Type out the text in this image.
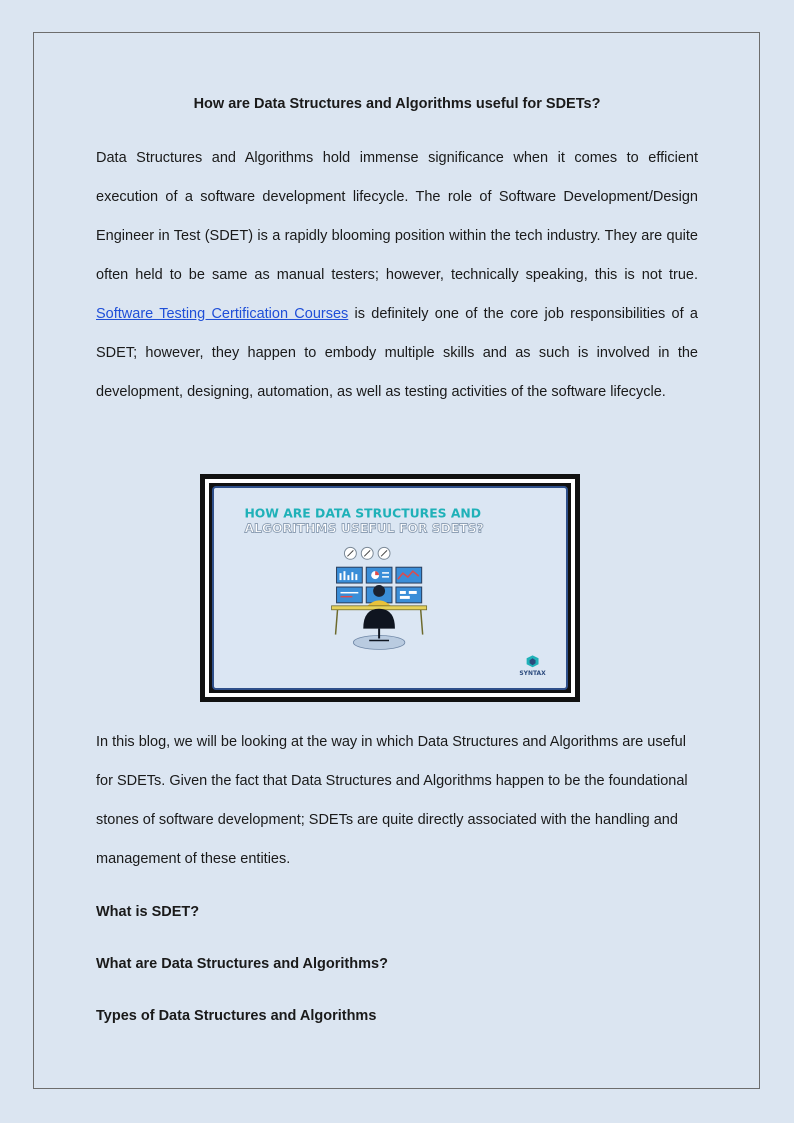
How are Data Structures and Algorithms useful for SDETs?

Data Structures and Algorithms hold immense significance when it comes to efficient execution of a software development lifecycle. The role of Software Development/Design Engineer in Test (SDET) is a rapidly blooming position within the tech industry. They are quite often held to be same as manual testers; however, technically speaking, this is not true. Software Testing Certification Courses is definitely one of the core job responsibilities of a SDET; however, they happen to embody multiple skills and as such is involved in the development, designing, automation, as well as testing activities of the software lifecycle.

HOW ARE DATA STRUCTURES AND
ALGORITHMS USEFUL FOR SDETS?
SYNTAX

In this blog, we will be looking at the way in which Data Structures and Algorithms are useful for SDETs. Given the fact that Data Structures and Algorithms happen to be the foundational stones of software development; SDETs are quite directly associated with the handling and management of these entities.

What is SDET?
What are Data Structures and Algorithms?
Types of Data Structures and Algorithms
